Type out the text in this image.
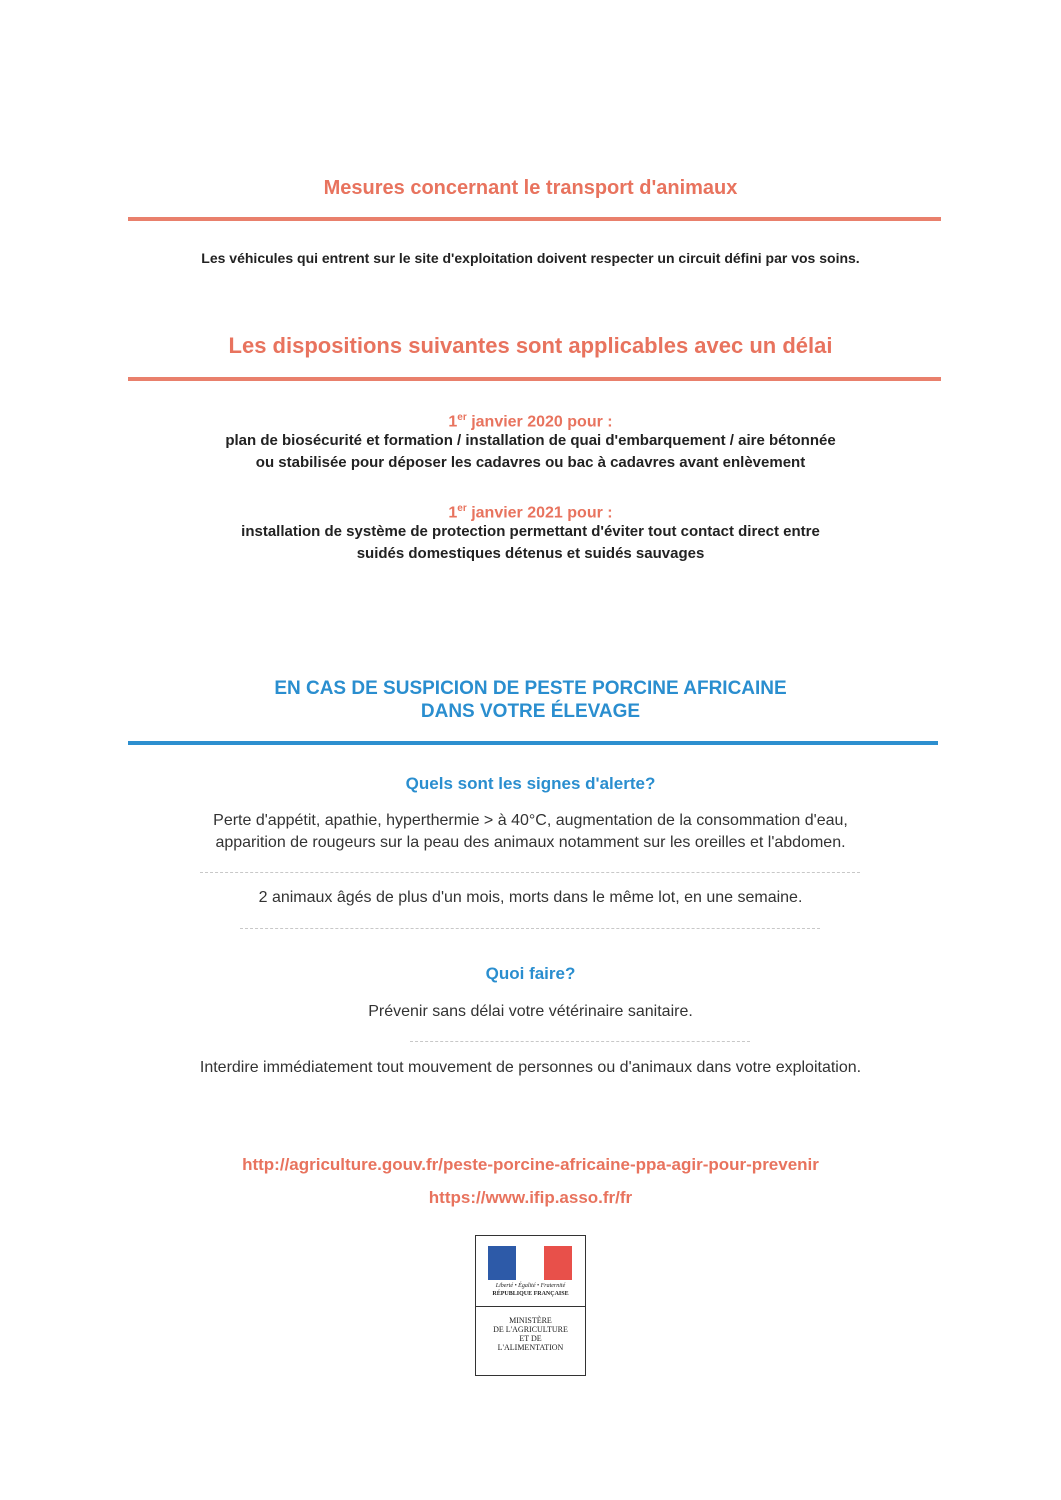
Mesures concernant le transport d'animaux
Les véhicules qui entrent sur le site d'exploitation doivent respecter un circuit défini par vos soins.
Les dispositions suivantes sont applicables avec un délai
1er janvier 2020 pour :
plan de biosécurité et formation / installation de quai d'embarquement / aire bétonnée
ou stabilisée pour déposer les cadavres ou bac à cadavres avant enlèvement
1er janvier 2021 pour :
installation de système de protection permettant d'éviter tout contact direct entre
suidés domestiques détenus et suidés sauvages
EN CAS DE SUSPICION DE PESTE PORCINE AFRICAINE
DANS VOTRE ÉLEVAGE
Quels sont les signes d'alerte?
Perte d'appétit, apathie, hyperthermie > à 40°C, augmentation de la consommation d'eau,
apparition de rougeurs sur la peau des animaux notamment sur les oreilles et l'abdomen.
2 animaux âgés de plus d'un mois, morts dans le même lot, en une semaine.
Quoi faire?
Prévenir sans délai votre vétérinaire sanitaire.
Interdire immédiatement tout mouvement de personnes ou d'animaux dans votre exploitation.
http://agriculture.gouv.fr/peste-porcine-africaine-ppa-agir-pour-prevenir
https://www.ifip.asso.fr/fr
Liberté • Égalité • Fraternité
RÉPUBLIQUE FRANÇAISE
MINISTÈRE
DE L'AGRICULTURE
ET DE
L'ALIMENTATION
